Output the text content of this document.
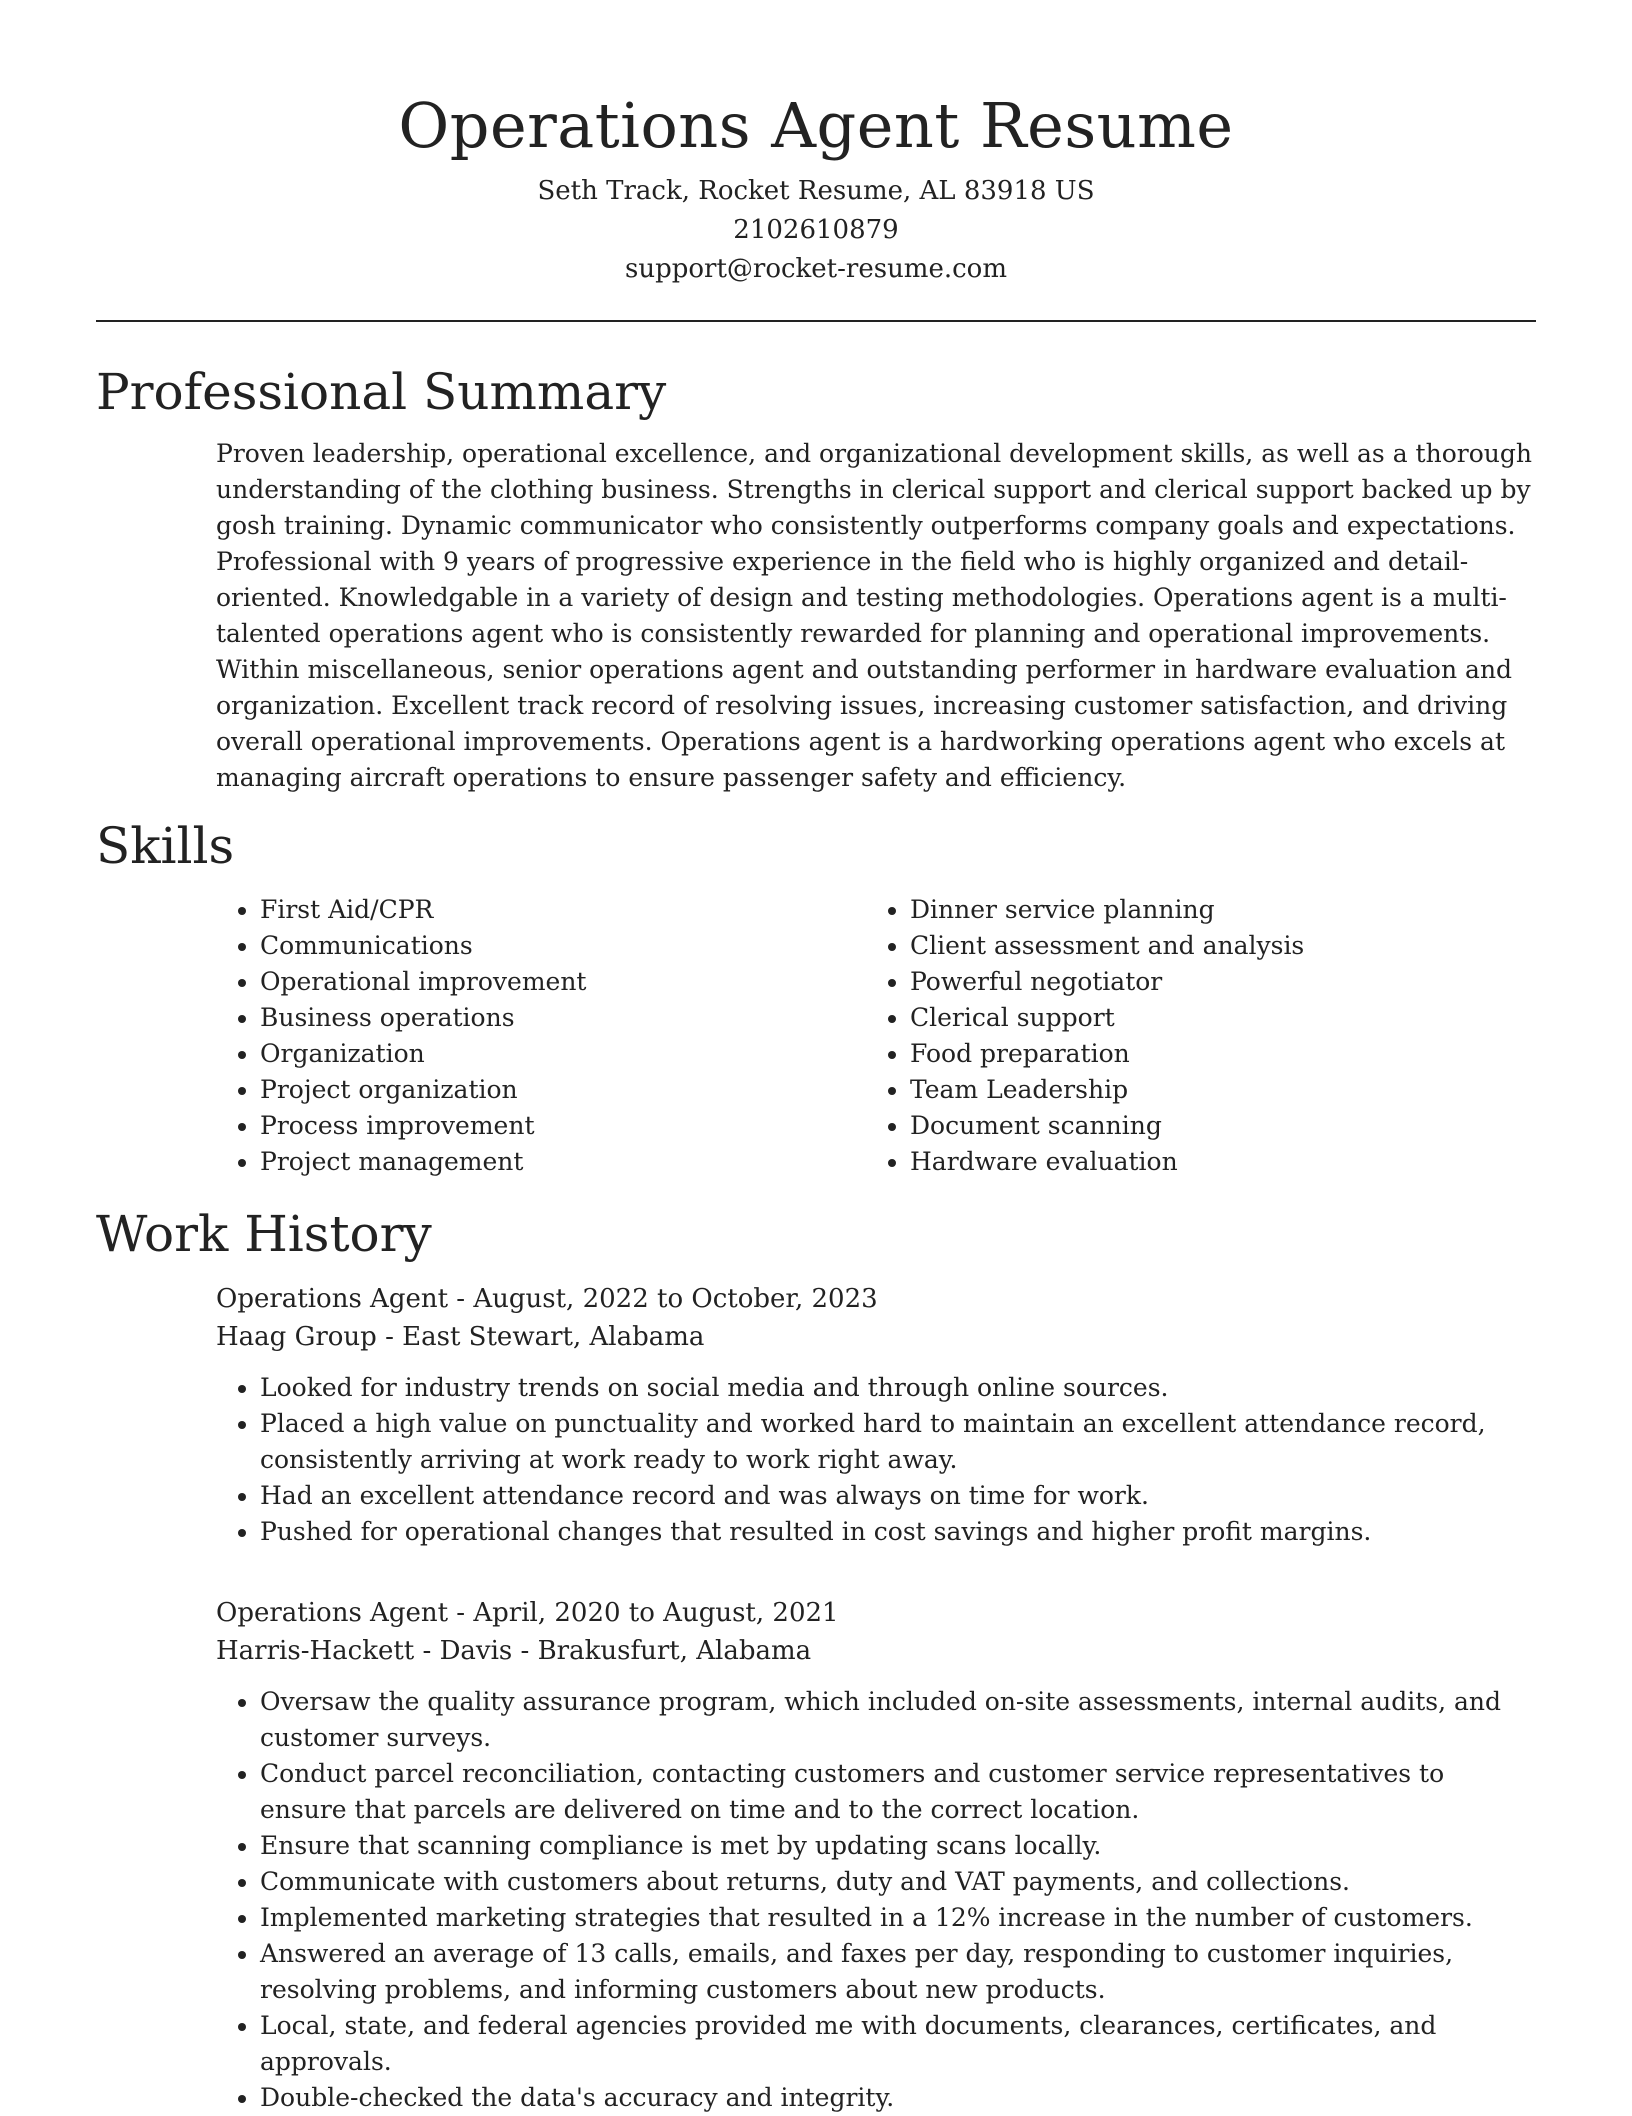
Operations Agent Resume
Seth Track, Rocket Resume, AL 83918 US
2102610879
support@rocket-resume.com
Professional Summary

Proven leadership, operational excellence, and organizational development skills, as well as a thorough understanding of the clothing business. Strengths in clerical support and clerical support backed up by gosh training. Dynamic communicator who consistently outperforms company goals and expectations. Professional with 9 years of progressive experience in the field who is highly organized and detail-oriented. Knowledgable in a variety of design and testing methodologies. Operations agent is a multi-talented operations agent who is consistently rewarded for planning and operational improvements. Within miscellaneous, senior operations agent and outstanding performer in hardware evaluation and organization. Excellent track record of resolving issues, increasing customer satisfaction, and driving overall operational improvements. Operations agent is a hardworking operations agent who excels at managing aircraft operations to ensure passenger safety and efficiency.

Skills
• First Aid/CPR
• Communications
• Operational improvement
• Business operations
• Organization
• Project organization
• Process improvement
• Project management
• Dinner service planning
• Client assessment and analysis
• Powerful negotiator
• Clerical support
• Food preparation
• Team Leadership
• Document scanning
• Hardware evaluation
Work History
Operations Agent - August, 2022 to October, 2023
Haag Group - East Stewart, Alabama
• Looked for industry trends on social media and through online sources.
• Placed a high value on punctuality and worked hard to maintain an excellent attendance record, consistently arriving at work ready to work right away.
• Had an excellent attendance record and was always on time for work.
• Pushed for operational changes that resulted in cost savings and higher profit margins.
Operations Agent - April, 2020 to August, 2021
Harris-Hackett - Davis - Brakusfurt, Alabama
• Oversaw the quality assurance program, which included on-site assessments, internal audits, and customer surveys.
• Conduct parcel reconciliation, contacting customers and customer service representatives to ensure that parcels are delivered on time and to the correct location.
• Ensure that scanning compliance is met by updating scans locally.
• Communicate with customers about returns, duty and VAT payments, and collections.
• Implemented marketing strategies that resulted in a 12% increase in the number of customers.
• Answered an average of 13 calls, emails, and faxes per day, responding to customer inquiries, resolving problems, and informing customers about new products.
• Local, state, and federal agencies provided me with documents, clearances, certificates, and approvals.
• Double-checked the data's accuracy and integrity.
